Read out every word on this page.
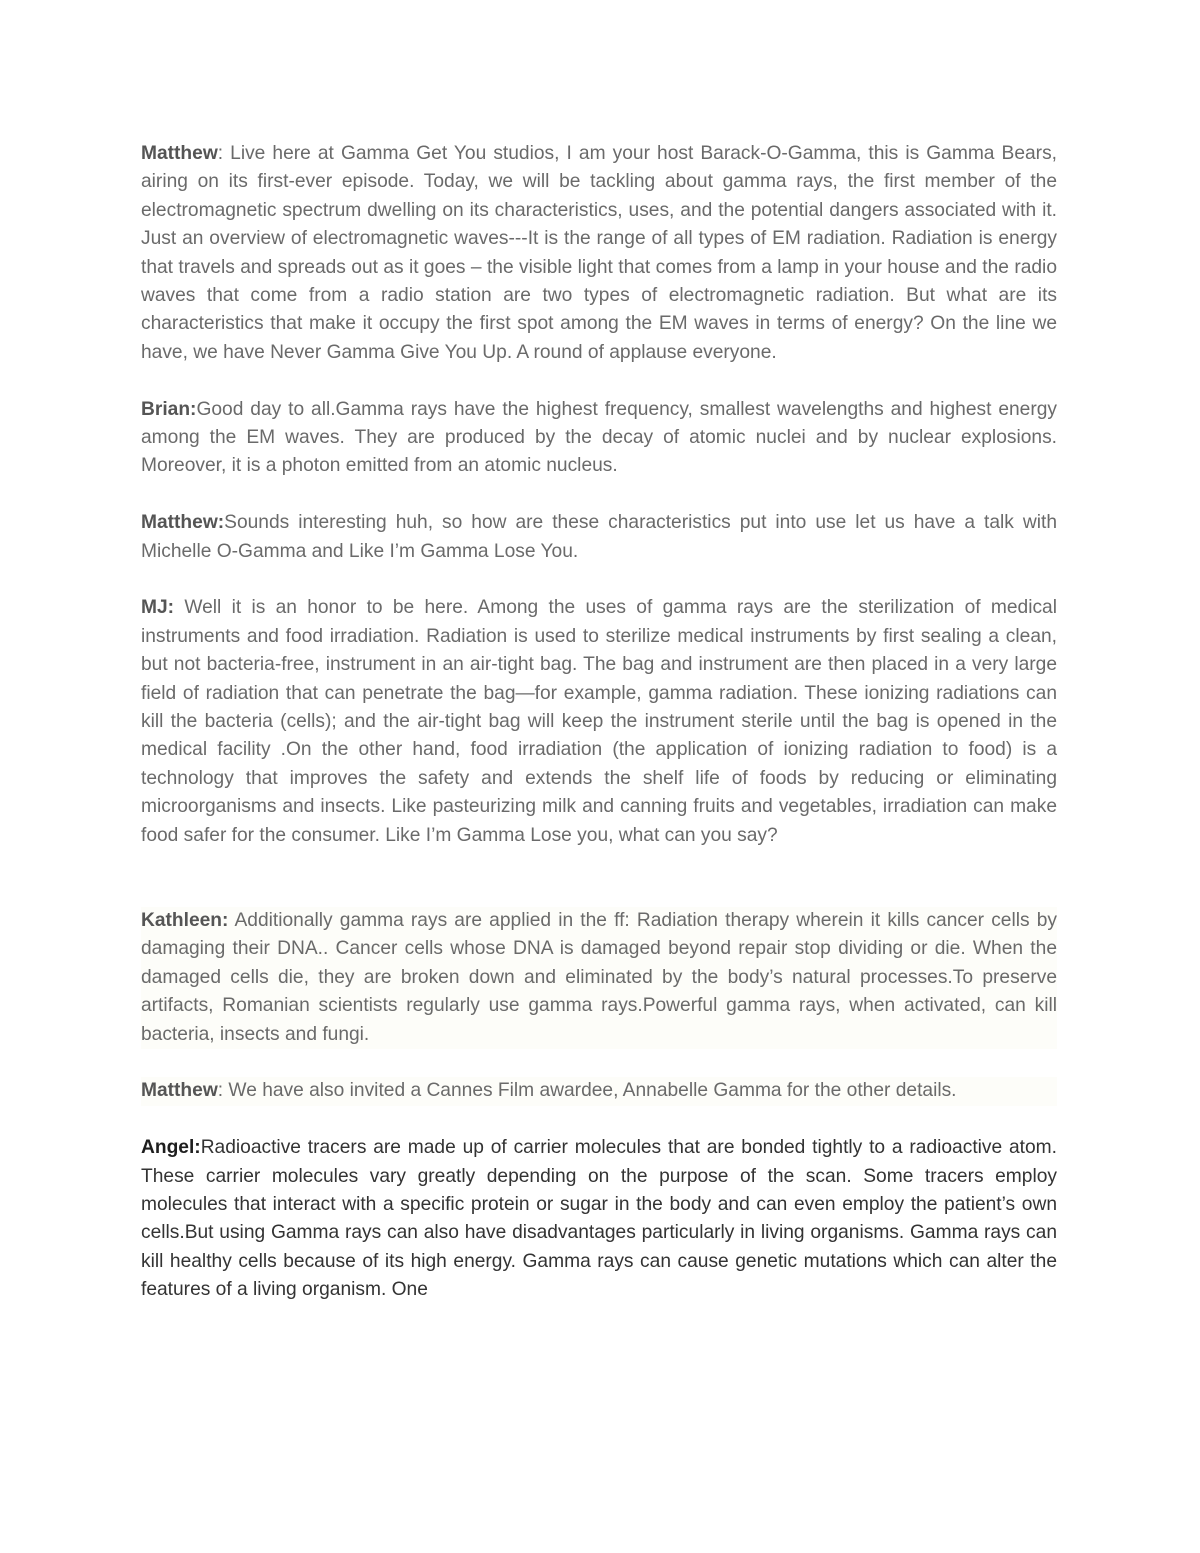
Matthew: Live here at Gamma Get You studios, I am your host Barack-O-Gamma, this is Gamma Bears, airing on its first-ever episode. Today, we will be tackling about gamma rays, the first member of the electromagnetic spectrum dwelling on its characteristics, uses, and the potential dangers associated with it. Just an overview of electromagnetic waves---It is the range of all types of EM radiation. Radiation is energy that travels and spreads out as it goes – the visible light that comes from a lamp in your house and the radio waves that come from a radio station are two types of electromagnetic radiation. But what are its characteristics that make it occupy the first spot among the EM waves in terms of energy? On the line we have, we have Never Gamma Give You Up. A round of applause everyone.

Brian:Good day to all.Gamma rays have the highest frequency, smallest wavelengths and highest energy among the EM waves. They are produced by the decay of atomic nuclei and by nuclear explosions. Moreover, it is a photon emitted from an atomic nucleus.

Matthew:Sounds interesting huh, so how are these characteristics put into use let us have a talk with Michelle O-Gamma and Like I’m Gamma Lose You.

MJ: Well it is an honor to be here. Among the uses of gamma rays are the sterilization of medical instruments and food irradiation. Radiation is used to sterilize medical instruments by first sealing a clean, but not bacteria-free, instrument in an air-tight bag. The bag and instrument are then placed in a very large field of radiation that can penetrate the bag—for example, gamma radiation. These ionizing radiations can kill the bacteria (cells); and the air-tight bag will keep the instrument sterile until the bag is opened in the medical facility .On the other hand, food irradiation (the application of ionizing radiation to food) is a technology that improves the safety and extends the shelf life of foods by reducing or eliminating microorganisms and insects. Like pasteurizing milk and canning fruits and vegetables, irradiation can make food safer for the consumer. Like I’m Gamma Lose you, what can you say?

Kathleen: Additionally gamma rays are applied in the ff: Radiation therapy wherein it kills cancer cells by damaging their DNA.. Cancer cells whose DNA is damaged beyond repair stop dividing or die. When the damaged cells die, they are broken down and eliminated by the body’s natural processes.To preserve artifacts, Romanian scientists regularly use gamma rays.Powerful gamma rays, when activated, can kill bacteria, insects and fungi.

Matthew: We have also invited a Cannes Film awardee, Annabelle Gamma for the other details.

Angel:Radioactive tracers are made up of carrier molecules that are bonded tightly to a radioactive atom. These carrier molecules vary greatly depending on the purpose of the scan. Some tracers employ molecules that interact with a specific protein or sugar in the body and can even employ the patient’s own cells.But using Gamma rays can also have disadvantages particularly in living organisms. Gamma rays can kill healthy cells because of its high energy. Gamma rays can cause genetic mutations which can alter the features of a living organism. One
